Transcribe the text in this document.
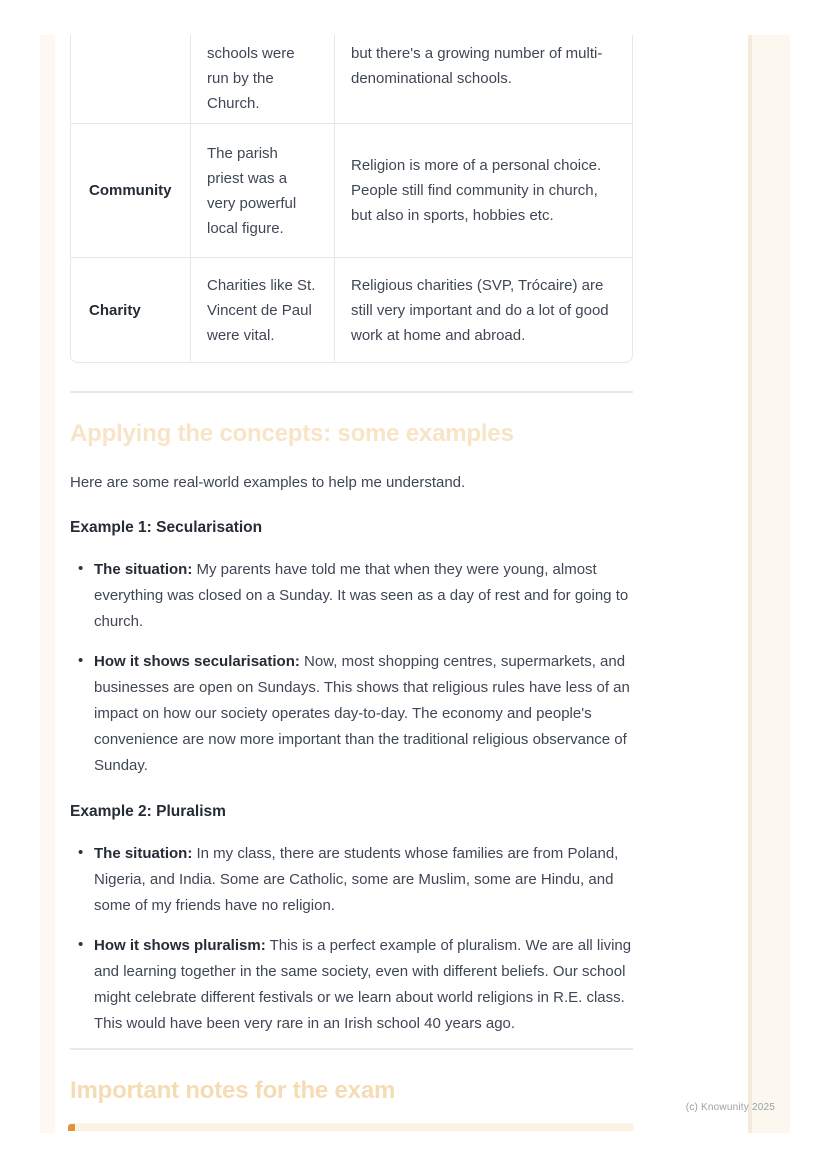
schools were run by the Church.
but there's a growing number of multi-denominational schools.
Community
The parish priest was a very powerful local figure.
Religion is more of a personal choice. People still find community in church, but also in sports, hobbies etc.
Charity
Charities like St. Vincent de Paul were vital.
Religious charities (SVP, Trócaire) are still very important and do a lot of good work at home and abroad.
Applying the concepts: some examples

Here are some real-world examples to help me understand.

Example 1: Secularisation
• The situation: My parents have told me that when they were young, almost everything was closed on a Sunday. It was seen as a day of rest and for going to church.
• How it shows secularisation: Now, most shopping centres, supermarkets, and businesses are open on Sundays. This shows that religious rules have less of an impact on how our society operates day-to-day. The economy and people's convenience are now more important than the traditional religious observance of Sunday.
Example 2: Pluralism
• The situation: In my class, there are students whose families are from Poland, Nigeria, and India. Some are Catholic, some are Muslim, some are Hindu, and some of my friends have no religion.
• How it shows pluralism: This is a perfect example of pluralism. We are all living and learning together in the same society, even with different beliefs. Our school might celebrate different festivals or we learn about world religions in R.E. class. This would have been very rare in an Irish school 40 years ago.
Important notes for the exam
(c) Knowunity 2025
